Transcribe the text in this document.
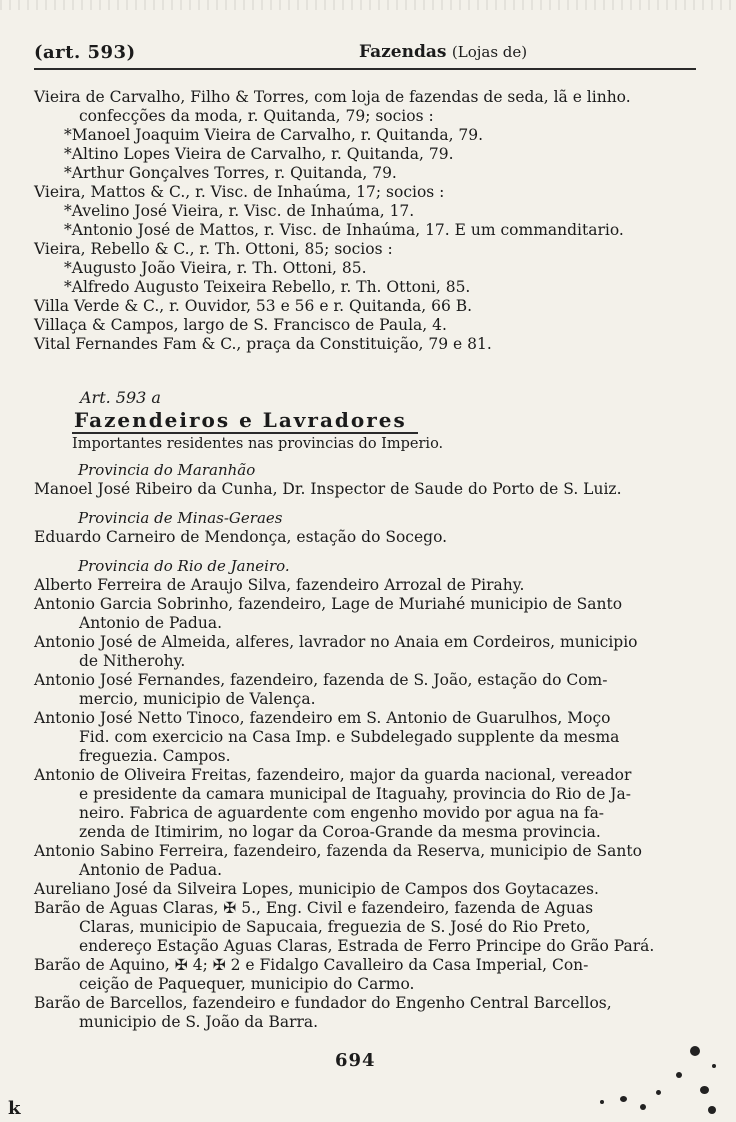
(art. 593)	Fazendas (Lojas de)
Vieira de Carvalho, Filho & Torres, com loja de fazendas de seda, lã e linho.
confecções da moda, r. Quitanda, 79; socios :
*Manoel Joaquim Vieira de Carvalho, r. Quitanda, 79.
*Altino Lopes Vieira de Carvalho, r. Quitanda, 79.
*Arthur Gonçalves Torres, r. Quitanda, 79.
Vieira, Mattos & C., r. Visc. de Inhaúma, 17; socios :
*Avelino José Vieira, r. Visc. de Inhaúma, 17.
*Antonio José de Mattos, r. Visc. de Inhaúma, 17. E um commanditario.
Vieira, Rebello & C., r. Th. Ottoni, 85; socios :
*Augusto João Vieira, r. Th. Ottoni, 85.
*Alfredo Augusto Teixeira Rebello, r. Th. Ottoni, 85.
Villa Verde & C., r. Ouvidor, 53 e 56 e r. Quitanda, 66 B.
Villaça & Campos, largo de S. Francisco de Paula, 4.
Vital Fernandes Fam & C., praça da Constituição, 79 e 81.
Art. 593 a
Fazendeiros e Lavradores
Importantes residentes nas provincias do Imperio.
Provincia do Maranhão
Manoel José Ribeiro da Cunha, Dr. Inspector de Saude do Porto de S. Luiz.
Provincia de Minas-Geraes
Eduardo Carneiro de Mendonça, estação do Socego.
Provincia do Rio de Janeiro.
Alberto Ferreira de Araujo Silva, fazendeiro Arrozal de Pirahy.
Antonio Garcia Sobrinho, fazendeiro, Lage de Muriahé municipio de Santo
Antonio de Padua.
Antonio José de Almeida, alferes, lavrador no Anaia em Cordeiros, municipio
de Nitherohy.
Antonio José Fernandes, fazendeiro, fazenda de S. João, estação do Com-
mercio, municipio de Valença.
Antonio José Netto Tinoco, fazendeiro em S. Antonio de Guarulhos, Moço
Fid. com exercicio na Casa Imp. e Subdelegado supplente da mesma
freguezia. Campos.
Antonio de Oliveira Freitas, fazendeiro, major da guarda nacional, vereador
e presidente da camara municipal de Itaguahy, provincia do Rio de Ja-
neiro. Fabrica de aguardente com engenho movido por agua na fa-
zenda de Itimirim, no logar da Coroa-Grande da mesma provincia.
Antonio Sabino Ferreira, fazendeiro, fazenda da Reserva, municipio de Santo
Antonio de Padua.
Aureliano José da Silveira Lopes, municipio de Campos dos Goytacazes.
Barão de Aguas Claras, ✠ 5., Eng. Civil e fazendeiro, fazenda de Aguas
Claras, municipio de Sapucaia, freguezia de S. José do Rio Preto,
endereço Estação Aguas Claras, Estrada de Ferro Principe do Grão Pará.
Barão de Aquino, ✠ 4; ✠ 2 e Fidalgo Cavalleiro da Casa Imperial, Con-
ceição de Paquequer, municipio do Carmo.
Barão de Barcellos, fazendeiro e fundador do Engenho Central Barcellos,
municipio de S. João da Barra.
694
k
